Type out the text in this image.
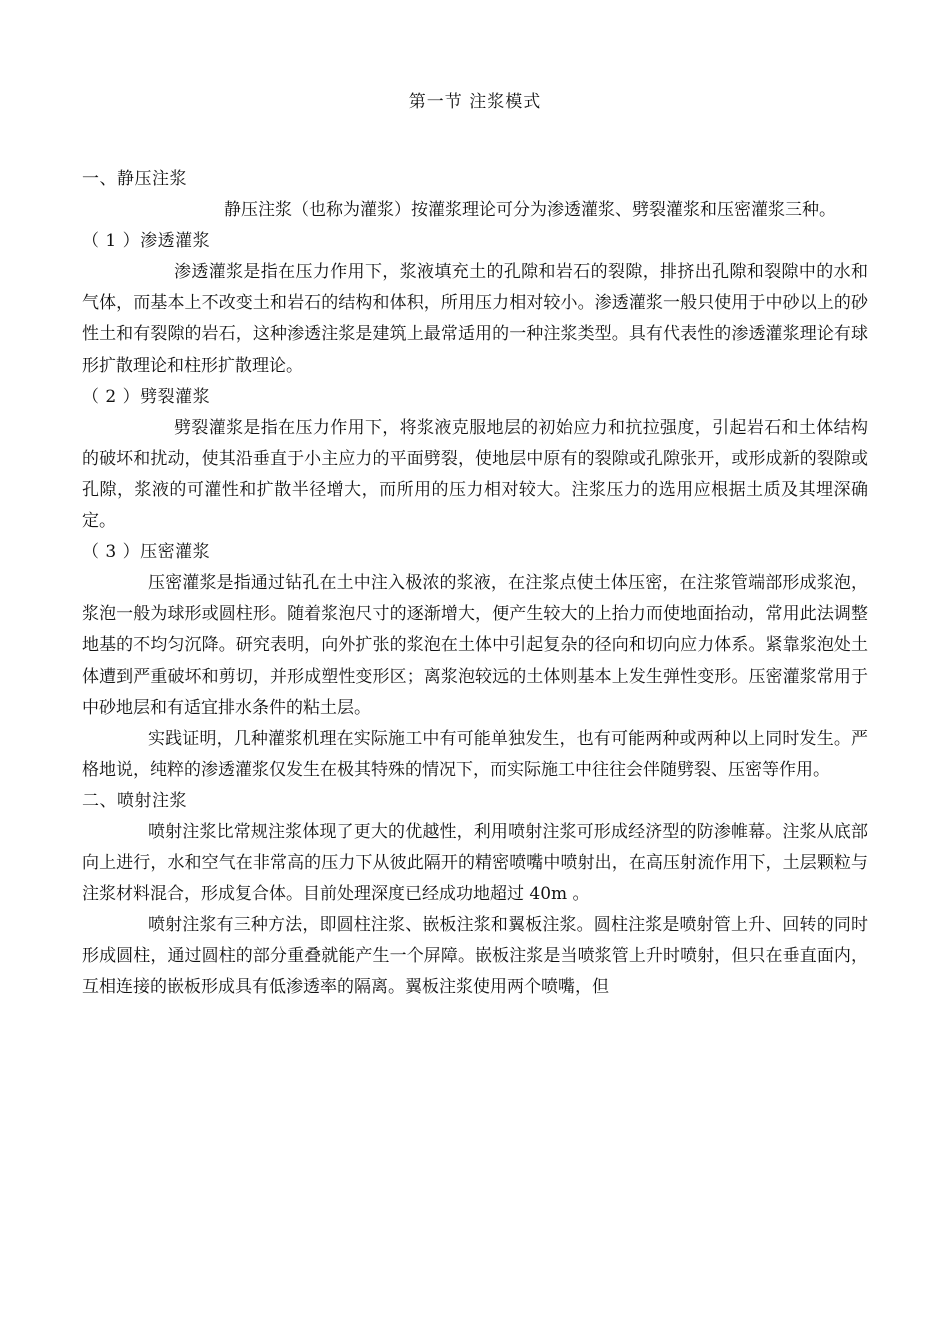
第一节 注浆模式

一、静压注浆

静压注浆（也称为灌浆）按灌浆理论可分为渗透灌浆、劈裂灌浆和压密灌浆三种。

（ 1 ）渗透灌浆

渗透灌浆是指在压力作用下，浆液填充土的孔隙和岩石的裂隙，排挤出孔隙和裂隙中的水和气体，而基本上不改变土和岩石的结构和体积，所用压力相对较小。渗透灌浆一般只使用于中砂以上的砂性土和有裂隙的岩石，这种渗透注浆是建筑上最常适用的一种注浆类型。具有代表性的渗透灌浆理论有球形扩散理论和柱形扩散理论。

（ 2 ）劈裂灌浆

劈裂灌浆是指在压力作用下，将浆液克服地层的初始应力和抗拉强度，引起岩石和土体结构的破坏和扰动，使其沿垂直于小主应力的平面劈裂，使地层中原有的裂隙或孔隙张开，或形成新的裂隙或孔隙，浆液的可灌性和扩散半径增大，而所用的压力相对较大。注浆压力的选用应根据土质及其埋深确定。

（ 3 ）压密灌浆

压密灌浆是指通过钻孔在土中注入极浓的浆液，在注浆点使土体压密，在注浆管端部形成浆泡，浆泡一般为球形或圆柱形。随着浆泡尺寸的逐渐增大，便产生较大的上抬力而使地面抬动，常用此法调整地基的不均匀沉降。研究表明，向外扩张的浆泡在土体中引起复杂的径向和切向应力体系。紧靠浆泡处土体遭到严重破坏和剪切，并形成塑性变形区；离浆泡较远的土体则基本上发生弹性变形。压密灌浆常用于中砂地层和有适宜排水条件的粘土层。

实践证明，几种灌浆机理在实际施工中有可能单独发生，也有可能两种或两种以上同时发生。严格地说，纯粹的渗透灌浆仅发生在极其特殊的情况下，而实际施工中往往会伴随劈裂、压密等作用。

二、喷射注浆

喷射注浆比常规注浆体现了更大的优越性，利用喷射注浆可形成经济型的防渗帷幕。注浆从底部向上进行，水和空气在非常高的压力下从彼此隔开的精密喷嘴中喷射出，在高压射流作用下，土层颗粒与注浆材料混合，形成复合体。目前处理深度已经成功地超过 40m 。

喷射注浆有三种方法，即圆柱注浆、嵌板注浆和翼板注浆。圆柱注浆是喷射管上升、回转的同时形成圆柱，通过圆柱的部分重叠就能产生一个屏障。嵌板注浆是当喷浆管上升时喷射，但只在垂直面内，互相连接的嵌板形成具有低渗透率的隔离。翼板注浆使用两个喷嘴，但
